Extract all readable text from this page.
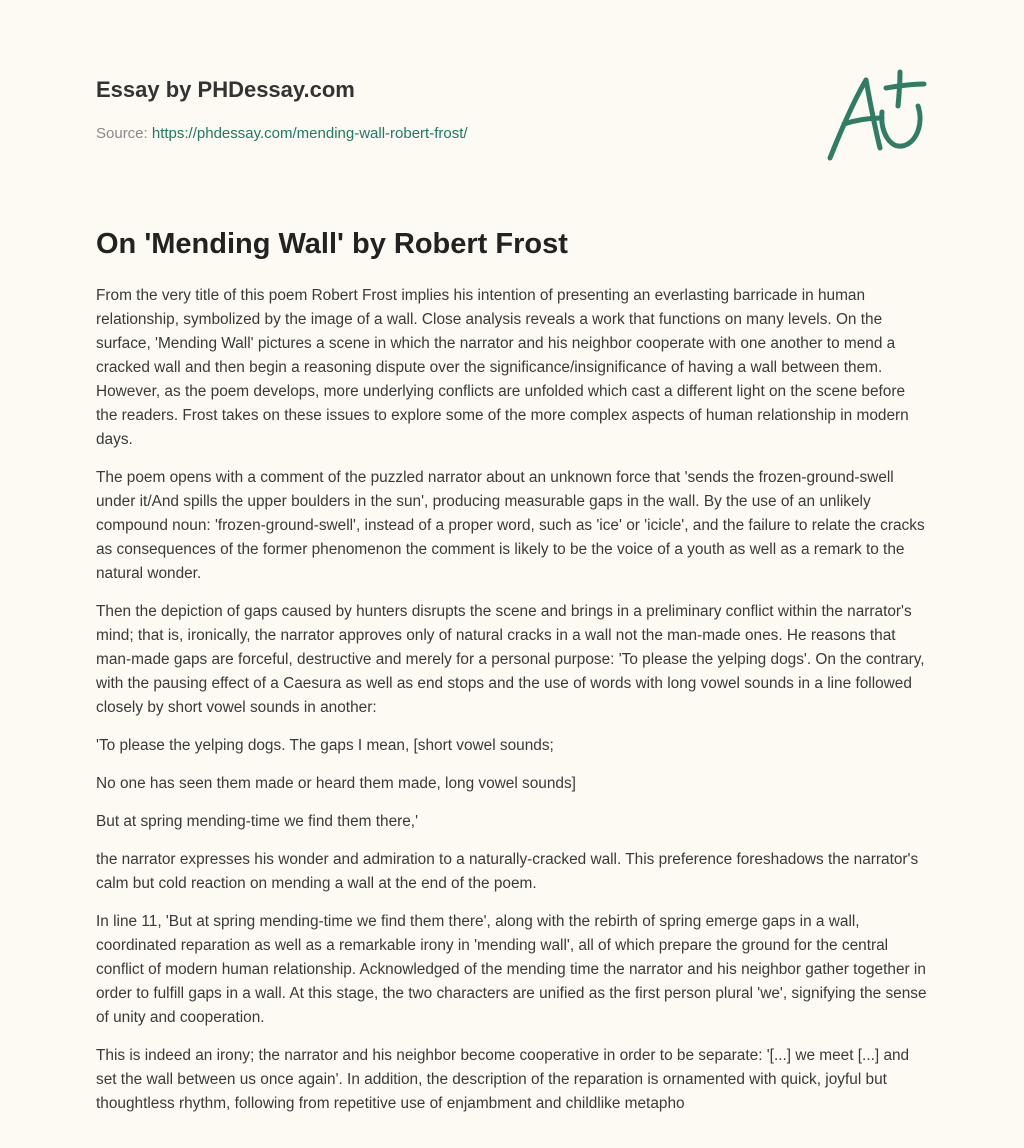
Essay by PHDessay.com
Source: https://phdessay.com/mending-wall-robert-frost/
On 'Mending Wall' by Robert Frost

From the very title of this poem Robert Frost implies his intention of presenting an everlasting barricade in human relationship, symbolized by the image of a wall. Close analysis reveals a work that functions on many levels. On the surface, 'Mending Wall' pictures a scene in which the narrator and his neighbor cooperate with one another to mend a cracked wall and then begin a reasoning dispute over the significance/insignificance of having a wall between them. However, as the poem develops, more underlying conflicts are unfolded which cast a different light on the scene before the readers. Frost takes on these issues to explore some of the more complex aspects of human relationship in modern days.

The poem opens with a comment of the puzzled narrator about an unknown force that 'sends the frozen-ground-swell under it/And spills the upper boulders in the sun', producing measurable gaps in the wall. By the use of an unlikely compound noun: 'frozen-ground-swell', instead of a proper word, such as 'ice' or 'icicle', and the failure to relate the cracks as consequences of the former phenomenon the comment is likely to be the voice of a youth as well as a remark to the natural wonder.

Then the depiction of gaps caused by hunters disrupts the scene and brings in a preliminary conflict within the narrator's mind; that is, ironically, the narrator approves only of natural cracks in a wall not the man-made ones. He reasons that man-made gaps are forceful, destructive and merely for a personal purpose: 'To please the yelping dogs'. On the contrary, with the pausing effect of a Caesura as well as end stops and the use of words with long vowel sounds in a line followed closely by short vowel sounds in another:

'To please the yelping dogs. The gaps I mean, [short vowel sounds;

No one has seen them made or heard them made, long vowel sounds]

But at spring mending-time we find them there,'

the narrator expresses his wonder and admiration to a naturally-cracked wall. This preference foreshadows the narrator's calm but cold reaction on mending a wall at the end of the poem.

In line 11, 'But at spring mending-time we find them there', along with the rebirth of spring emerge gaps in a wall, coordinated reparation as well as a remarkable irony in 'mending wall', all of which prepare the ground for the central conflict of modern human relationship. Acknowledged of the mending time the narrator and his neighbor gather together in order to fulfill gaps in a wall. At this stage, the two characters are unified as the first person plural 'we', signifying the sense of unity and cooperation.

This is indeed an irony; the narrator and his neighbor become cooperative in order to be separate: '[...] we meet [...] and set the wall between us once again'. In addition, the description of the reparation is ornamented with quick, joyful but thoughtless rhythm, following from repetitive use of enjambment and childlike metapho
